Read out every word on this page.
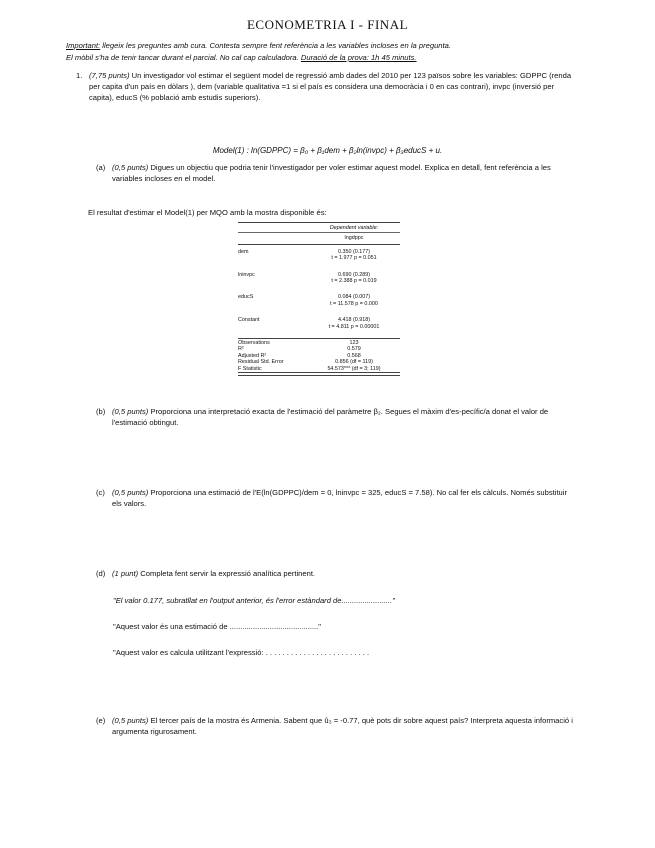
ECONOMETRIA I - FINAL
Important: llegeix les preguntes amb cura. Contesta sempre fent referència a les variables incloses en la pregunta.
El mòbil s'ha de tenir tancar durant el parcial. No cal cap calculadora. Duració de la prova: 1h 45 minuts.
1. (7,75 punts) Un investigador vol estimar el següent model de regressió amb dades del 2010 per 123 països sobre les variables: GDPPC (renda per capita d'un país en dòlars ), dem (variable qualitativa =1 si el país es considera una democràcia i 0 en cas contrari), invpc (inversió per capita), educS (% població amb estudis superiors).
Model(1) : ln(GDPPC) = β₀ + β₁dem + β₂ln(invpc) + β₃educS + u.
(a) (0,5 punts) Digues un objectiu que podria tenir l'investigador per voler estimar aquest model. Explica en detall, fent referència a les variables incloses en el model.
El resultat d'estimar el Model(1) per MQO amb la mostra disponible és:
Dependent variable:
lngdppc
dem	0.350 (0.177)
t = 1.977 p = 0.051
lninvpc	0.690 (0.289)
t = 2.388 p = 0.019
educS	0.084 (0.007)
t = 11.578 p = 0.000
Constant	4.418 (0.918)
t = 4.811 p = 0.00001
Observations	123
R²	0.579
Adjusted R²	0.568
Residual Std. Error	0.856 (df = 119)
F Statistic	54.573*** (df = 3; 119)
(b) (0,5 punts) Proporciona una interpretació exacta de l'estimació del paràmetre β₂. Segues el màxim d'es-pecífic/a donat el valor de l'estimació obtingut.
(c) (0,5 punts) Proporciona una estimació de l'E(ln(GDPPC)/dem = 0, lninvpc = 325, educS = 7.58). No cal fer els càlculs. Només substituir els valors.
(d) (1 punt) Completa fent servir la expressió analítica pertinent.
"El valor 0.177, subratllat en l'output anterior, és l'error estàndard de........................"
"Aquest valor és una estimació de .........................................."
"Aquest valor es calcula utilitzant l'expressió: . . . . . . . . . . . . . . . . . . . . . . . . .
(e) (0,5 punts) El tercer país de la mostra és Armenia. Sabent que û₃ = -0.77, què pots dir sobre aquest país? Interpreta aquesta informació i argumenta rigurosament.
